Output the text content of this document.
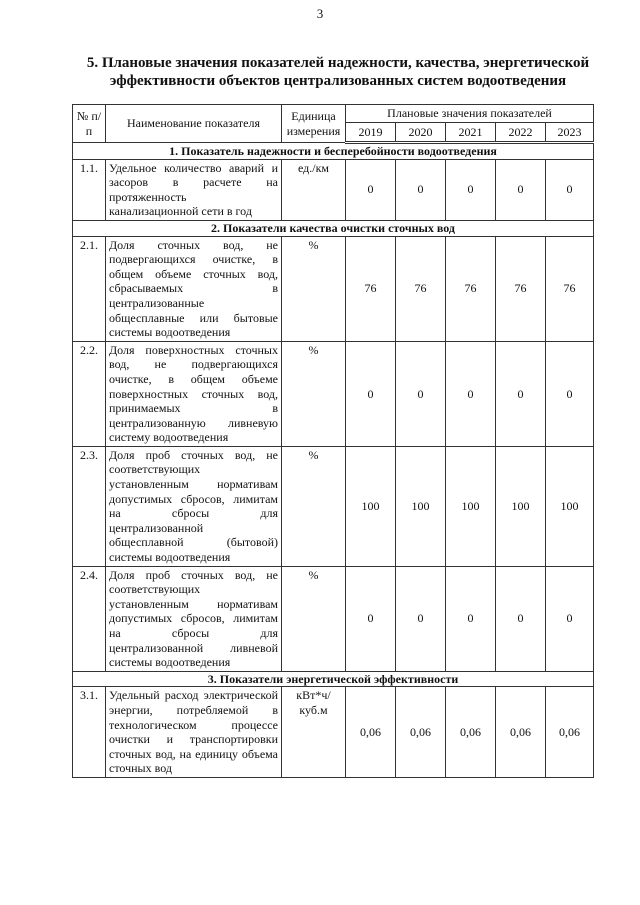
3
5. Плановые значения показателей надежности, качества, энергетической эффективности объектов централизованных систем водоотведения
№ п/п	Наименование показателя	Единица измерения	Плановые значения показателей				
			2019	2020	2021	2022	2023
1. Показатель надежности и бесперебойности водоотведения							
1.1.	Удельное количество аварий и засоров в расчете на протяженность канализационной сети в год	ед./км	0	0	0	0	0
2. Показатели качества очистки сточных вод							
2.1.	Доля сточных вод, не подвергающихся очистке, в общем объеме сточных вод, сбрасываемых в централизованные общесплавные или бытовые системы водоотведения	%	76	76	76	76	76
2.2.	Доля поверхностных сточных вод, не подвергающихся очистке, в общем объеме поверхностных сточных вод, принимаемых в централизованную ливневую систему водоотведения	%	0	0	0	0	0
2.3.	Доля проб сточных вод, не соответствующих установленным нормативам допустимых сбросов, лимитам на сбросы для централизованной общесплавной (бытовой) системы водоотведения	%	100	100	100	100	100
2.4.	Доля проб сточных вод, не соответствующих установленным нормативам допустимых сбросов, лимитам на сбросы для централизованной ливневой системы водоотведения	%	0	0	0	0	0
3. Показатели энергетической эффективности							
3.1.	Удельный расход электрической энергии, потребляемой в технологическом процессе очистки и транспортировки сточных вод, на единицу объема сточных вод	кВт*ч/ куб.м	0,06	0,06	0,06	0,06	0,06
